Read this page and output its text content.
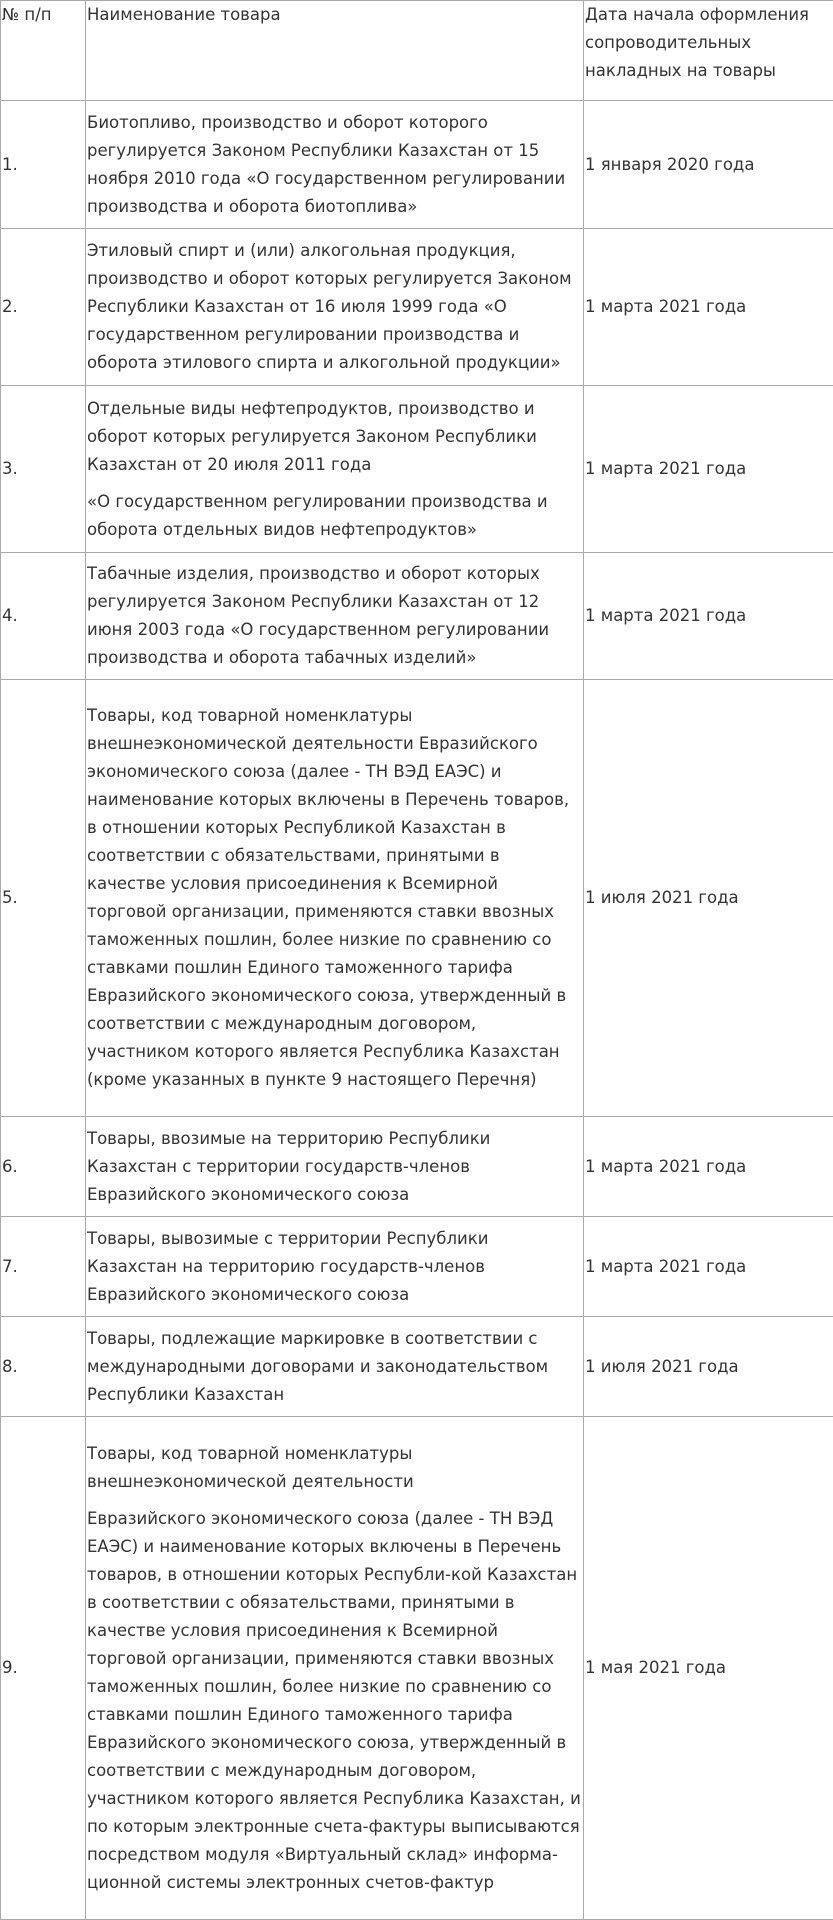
№ п/п	Наименование товара	Дата начала оформления сопроводительных накладных на товары
1.	Биотопливо, производство и оборот которого регулируется Законом Республики Казахстан от 15 ноября 2010 года «О государственном регулировании производства и оборота биотоплива»	1 января 2020 года
2.	Этиловый спирт и (или) алкогольная продукция, производство и оборот которых регулируется Законом Республики Казахстан от 16 июля 1999 года «О государственном регулировании производства и оборота этилового спирта и алкогольной продукции»	1 марта 2021 года
3.	Отдельные виды нефтепродуктов, производство и оборот которых регулируется Законом Республики Казахстан от 20 июля 2011 года

«О государственном регулировании производства и оборота отдельных видов нефтепродуктов»	1 марта 2021 года
4.	Табачные изделия, производство и оборот которых регулируется Законом Республики Казахстан от 12 июня 2003 года «О государственном регулировании производства и оборота табачных изделий»	1 марта 2021 года
5.	Товары, код товарной номенклатуры внешнеэкономической деятельности Евразийского экономического союза (далее - ТН ВЭД ЕАЭС) и наименование которых включены в Перечень товаров, в отношении которых Республикой Казахстан в соответствии с обязательствами, принятыми в качестве условия присоединения к Всемирной торговой организации, применяются ставки ввозных таможенных пошлин, более низкие по сравнению со ставками пошлин Единого таможенного тарифа Евразийского экономического союза, утвержденный в соответствии с международным договором, участником которого является Республика Казахстан (кроме указанных в пункте 9 настоящего Перечня)	1 июля 2021 года
6.	Товары, ввозимые на территорию Республики Казахстан с территории государств-членов Евразийского экономического союза	1 марта 2021 года
7.	Товары, вывозимые с территории Республики Казахстан на территорию государств-членов Евразийского экономического союза	1 марта 2021 года
8.	Товары, подлежащие маркировке в соответствии с международными договорами и законодательством Республики Казахстан	1 июля 2021 года
9.	Товары, код товарной номенклатуры внешнеэкономической деятельности

Евразийского экономического союза (далее - ТН ВЭД ЕАЭС) и наименование которых включены в Перечень товаров, в отношении которых Республи-кой Казахстан в соответствии с обязательствами, принятыми в качестве условия присоединения к Всемирной торговой организации, применяются ставки ввозных таможенных пошлин, более низкие по сравнению со ставками пошлин Единого таможенного тарифа Евразийского экономического союза, утвержденный в соответствии с международным договором, участником которого является Республика Казахстан, и по которым электронные счета-фактуры выписываются посредством модуля «Виртуальный склад» информа-ционной системы электронных счетов-фактур	1 мая 2021 года
